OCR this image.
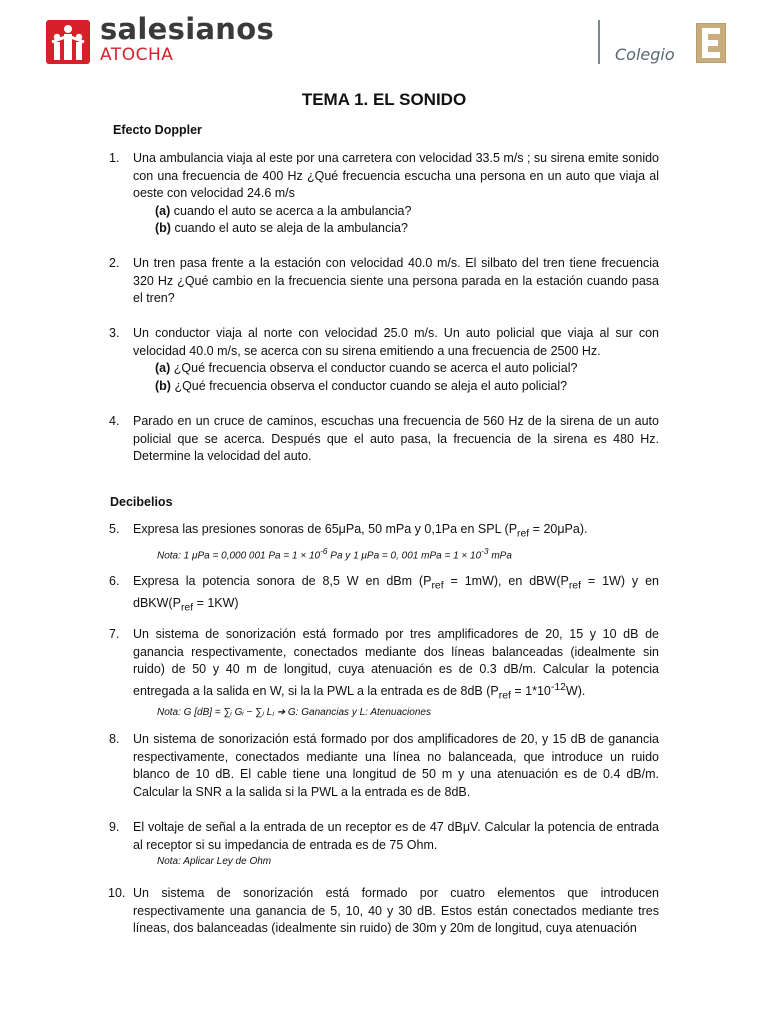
salesianos
ATOCHA	Colegio
TEMA 1. EL SONIDO
Efecto Doppler
1. Una ambulancia viaja al este por una carretera con velocidad 33.5 m/s ; su sirena emite sonido con una frecuencia de 400 Hz ¿Qué frecuencia escucha una persona en un auto que viaja al oeste con velocidad 24.6 m/s
(a) cuando el auto se acerca a la ambulancia?
(b) cuando el auto se aleja de la ambulancia?
2. Un tren pasa frente a la estación con velocidad 40.0 m/s. El silbato del tren tiene frecuencia 320 Hz ¿Qué cambio en la frecuencia siente una persona parada en la estación cuando pasa el tren?
3. Un conductor viaja al norte con velocidad 25.0 m/s. Un auto policial que viaja al sur con velocidad 40.0 m/s, se acerca con su sirena emitiendo a una frecuencia de 2500 Hz.
(a) ¿Qué frecuencia observa el conductor cuando se acerca el auto policial?
(b) ¿Qué frecuencia observa el conductor cuando se aleja el auto policial?
4. Parado en un cruce de caminos, escuchas una frecuencia de 560 Hz de la sirena de un auto policial que se acerca. Después que el auto pasa, la frecuencia de la sirena es 480 Hz. Determine la velocidad del auto.
Decibelios
5. Expresa las presiones sonoras de 65μPa, 50 mPa y 0,1Pa en SPL $(P_{ref} = 20\mu Pa)$.
Nota: 1 μPa = 0,000 001 $Pa = 1 \times 10^{-6}$ Pa y 1 μPa = 0, 001 mPa = $1 \times 10^{-3}$ mPa
6. Expresa la potencia sonora de 8,5 W en dBm $(P_{ref} = 1mW)$, en $dBW(P_{ref} = 1W)$ y en $dBKW(P_{ref} = 1KW)$
7. Un sistema de sonorización está formado por tres amplificadores de 20, 15 y 10 dB de ganancia respectivamente, conectados mediante dos líneas balanceadas (idealmente sin ruido) de 50 y 40 m de longitud, cuya atenuación es de 0.3 dB/m. Calcular la potencia entregada a la salida en W, si la la PWL a la entrada es de 8dB $(P_{ref} = 1*10^{-12}W)$.
Nota: G [dB] = ∑ᵢ Gᵢ − ∑ⱼ Lⱼ ➔ G: Ganancias y L: Atenuaciones
8. Un sistema de sonorización está formado por dos amplificadores de 20, y 15 dB de ganancia respectivamente, conectados mediante una línea no balanceada, que introduce un ruido blanco de 10 dB. El cable tiene una longitud de 50 m y una atenuación es de 0.4 dB/m. Calcular la SNR a la salida si la PWL a la entrada es de 8dB.
9. El voltaje de señal a la entrada de un receptor es de 47 dBμV. Calcular la potencia de entrada al receptor si su impedancia de entrada es de 75 Ohm.
Nota: Aplicar Ley de Ohm
10. Un sistema de sonorización está formado por cuatro elementos que introducen respectivamente una ganancia de 5, 10, 40 y 30 dB. Estos están conectados mediante tres líneas, dos balanceadas (idealmente sin ruido) de 30m y 20m de longitud, cuya atenuación
